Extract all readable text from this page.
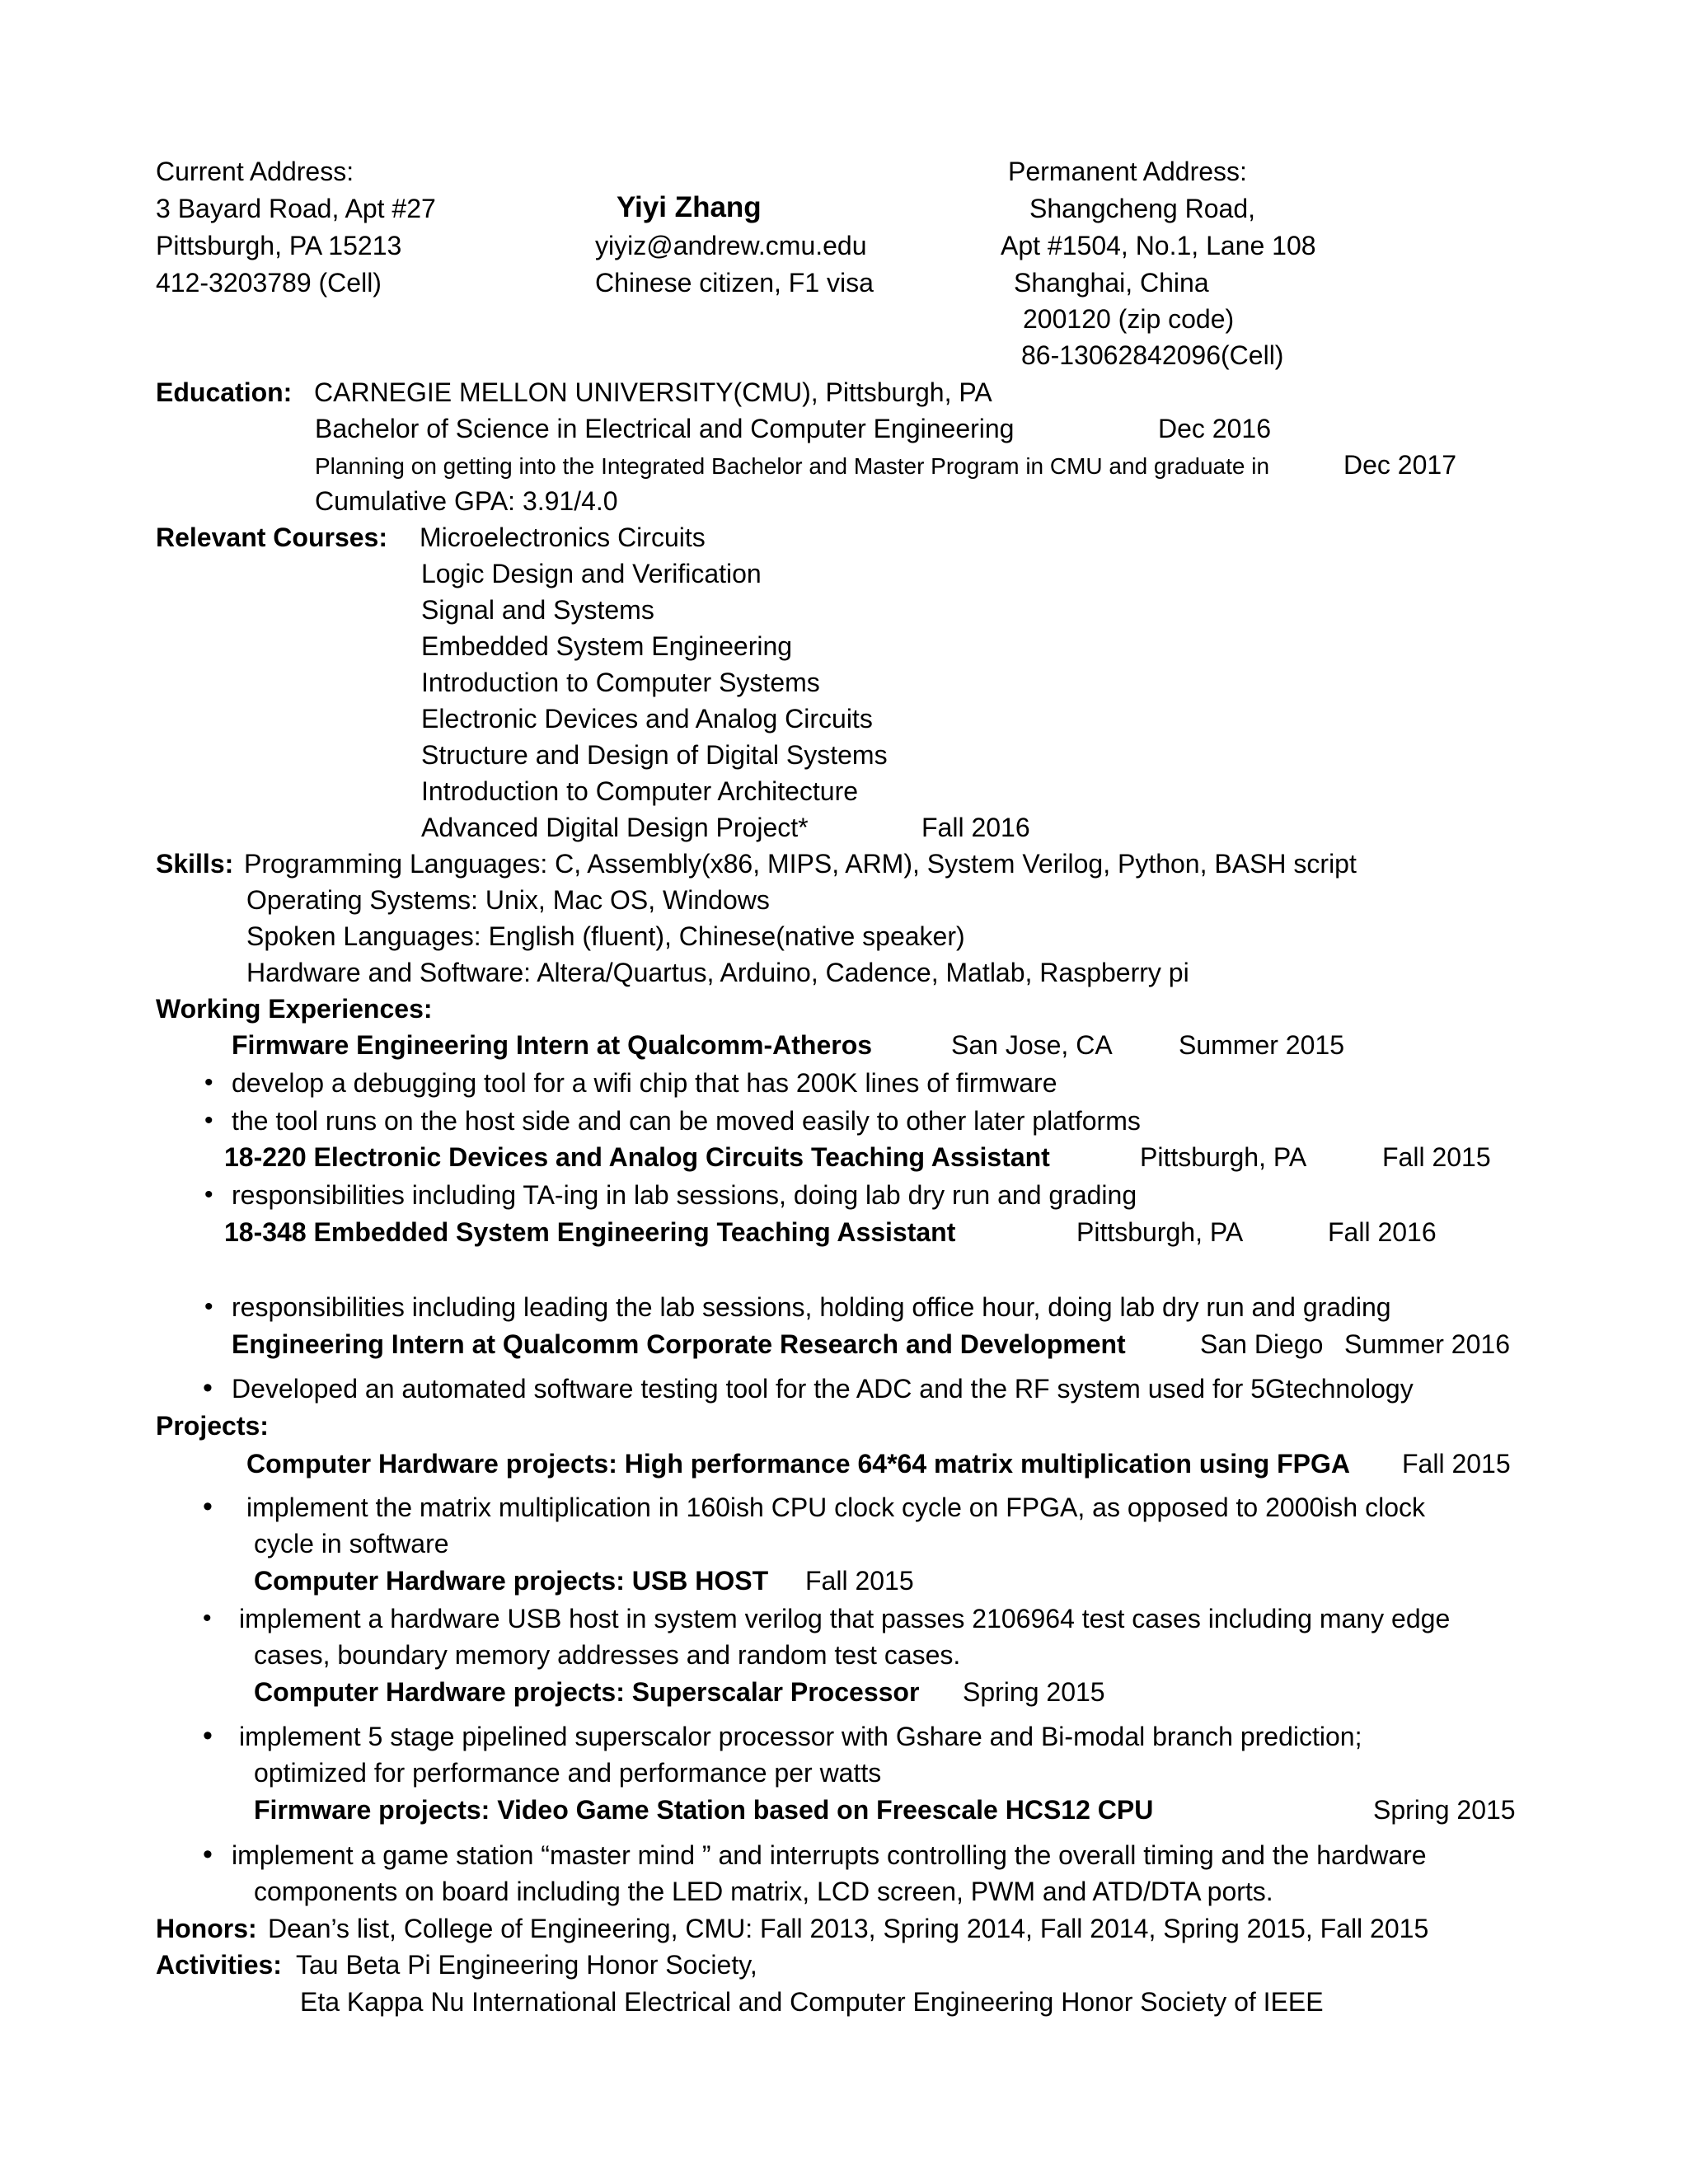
Current Address:
3 Bayard Road, Apt #27
Pittsburgh, PA 15213
412-3203789 (Cell)
Yiyi Zhang
yiyiz@andrew.cmu.edu
Chinese citizen, F1 visa
Permanent Address:
Shangcheng Road,
Apt #1504, No.1, Lane 108
Shanghai, China
200120 (zip code)
86-13062842096(Cell)
Education: CARNEGIE MELLON UNIVERSITY(CMU), Pittsburgh, PA
Bachelor of Science in Electrical and Computer Engineering	Dec 2016
Planning on getting into the Integrated Bachelor and Master Program in CMU and graduate in	Dec 2017
Cumulative GPA: 3.91/4.0
Relevant Courses: Microelectronics Circuits
Logic Design and Verification
Signal and Systems
Embedded System Engineering
Introduction to Computer Systems
Electronic Devices and Analog Circuits
Structure and Design of Digital Systems
Introduction to Computer Architecture
Advanced Digital Design Project*	Fall 2016
Skills: Programming Languages: C, Assembly(x86, MIPS, ARM), System Verilog, Python, BASH script
Operating Systems: Unix, Mac OS, Windows
Spoken Languages: English (fluent), Chinese(native speaker)
Hardware and Software: Altera/Quartus, Arduino, Cadence, Matlab, Raspberry pi
Working Experiences:
Firmware Engineering Intern at Qualcomm-Atheros	San Jose, CA	Summer 2015
• develop a debugging tool for a wifi chip that has 200K lines of firmware
• the tool runs on the host side and can be moved easily to other later platforms
18-220 Electronic Devices and Analog Circuits Teaching Assistant	Pittsburgh, PA	Fall 2015
• responsibilities including TA-ing in lab sessions, doing lab dry run and grading
18-348 Embedded System Engineering Teaching Assistant	Pittsburgh, PA	Fall 2016
• responsibilities including leading the lab sessions, holding office hour, doing lab dry run and grading
Engineering Intern at Qualcomm Corporate Research and Development	San Diego Summer 2016
• Developed an automated software testing tool for the ADC and the RF system used for 5Gtechnology
Projects:
Computer Hardware projects: High performance 64*64 matrix multiplication using FPGA Fall 2015
• implement the matrix multiplication in 160ish CPU clock cycle on FPGA, as opposed to 2000ish clock
cycle in software
Computer Hardware projects: USB HOST Fall 2015
• implement a hardware USB host in system verilog that passes 2106964 test cases including many edge
cases, boundary memory addresses and random test cases.
Computer Hardware projects: Superscalar Processor Spring 2015
• implement 5 stage pipelined superscalor processor with Gshare and Bi-modal branch prediction;
optimized for performance and performance per watts
Firmware projects: Video Game Station based on Freescale HCS12 CPU	Spring 2015
• implement a game station “master mind ” and interrupts controlling the overall timing and the hardware
components on board including the LED matrix, LCD screen, PWM and ATD/DTA ports.
Honors: Dean’s list, College of Engineering, CMU: Fall 2013, Spring 2014, Fall 2014, Spring 2015, Fall 2015
Activities: Tau Beta Pi Engineering Honor Society,
Eta Kappa Nu International Electrical and Computer Engineering Honor Society of IEEE
